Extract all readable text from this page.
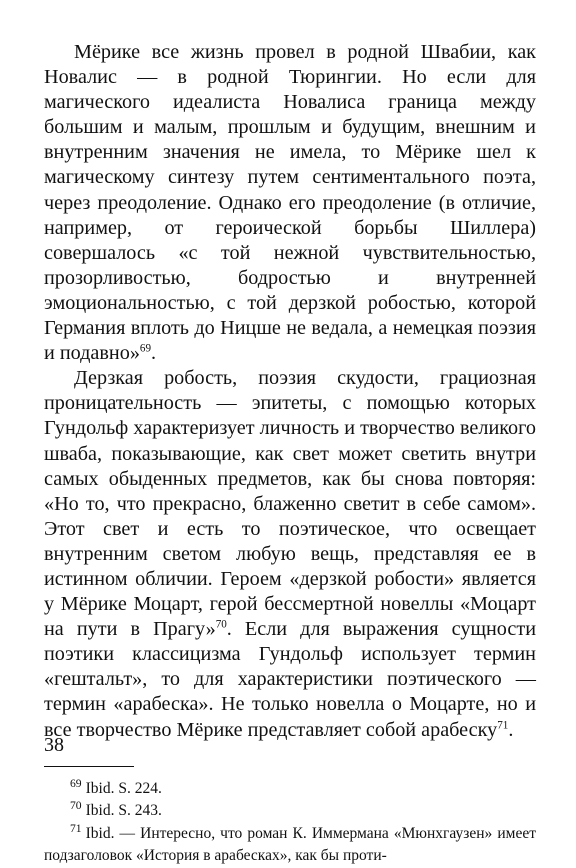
Мёрике все жизнь провел в родной Швабии, как Новалис — в родной Тюрингии. Но если для магического идеалиста Новалиса граница между большим и малым, прошлым и будущим, внешним и внутренним значения не имела, то Мёрике шел к магическому синтезу путем сентиментального поэта, через преодоление. Однако его преодоление (в отличие, например, от героической борьбы Шиллера) совершалось «с той нежной чувствительностью, прозорливостью, бодростью и внутренней эмоциональностью, с той дерзкой робостью, которой Германия вплоть до Ницше не ведала, а немецкая поэзия и подавно»$^{69}$.

Дерзкая робость, поэзия скудости, грациозная проницательность — эпитеты, с помощью которых Гундольф характеризует личность и творчество великого шваба, показывающие, как свет может светить внутри самых обыденных предметов, как бы снова повторяя: «Но то, что прекрасно, блаженно светит в себе самом». Этот свет и есть то поэтическое, что освещает внутренним светом любую вещь, представляя ее в истинном обличии. Героем «дерзкой робости» является у Мёрике Моцарт, герой бессмертной новеллы «Моцарт на пути в Прагу»$^{70}$. Если для выражения сущности поэтики классицизма Гундольф использует термин «гештальт», то для характеристики поэтического — термин «арабеска». Не только новелла о Моцарте, но и все творчество Мёрике представляет собой арабеску$^{71}$.

$^{69}$ Ibid. S. 224.

$^{70}$ Ibid. S. 243.

$^{71}$ Ibid. — Интересно, что роман К. Иммермана «Мюнхгаузен» имеет подзаголовок «История в арабесках», как бы проти-

38
